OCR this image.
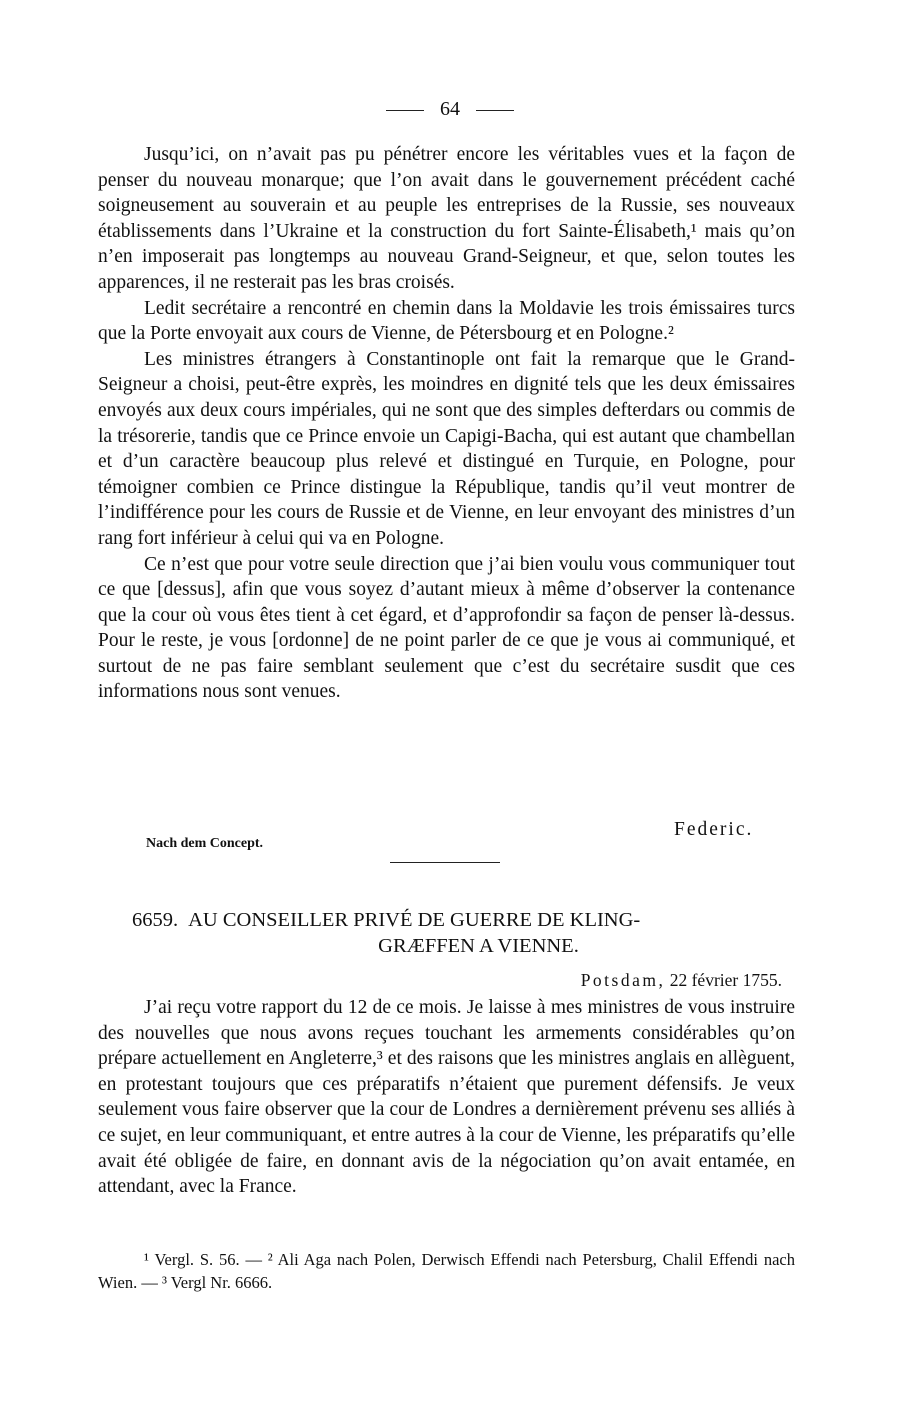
64

Jusqu’ici, on n’avait pas pu pénétrer encore les véritables vues et la façon de penser du nouveau monarque; que l’on avait dans le gouvernement précédent caché soigneusement au souverain et au peuple les entreprises de la Russie, ses nouveaux établissements dans l’Ukraine et la construction du fort Sainte-Élisabeth,¹ mais qu’on n’en imposerait pas longtemps au nouveau Grand-Seigneur, et que, selon toutes les apparences, il ne resterait pas les bras croisés.

Ledit secrétaire a rencontré en chemin dans la Moldavie les trois émissaires turcs que la Porte envoyait aux cours de Vienne, de Pétersbourg et en Pologne.²

Les ministres étrangers à Constantinople ont fait la remarque que le Grand-Seigneur a choisi, peut-être exprès, les moindres en dignité tels que les deux émissaires envoyés aux deux cours impériales, qui ne sont que des simples defterdars ou commis de la trésorerie, tandis que ce Prince envoie un Capigi-Bacha, qui est autant que chambellan et d’un caractère beaucoup plus relevé et distingué en Turquie, en Pologne, pour témoigner combien ce Prince distingue la République, tandis qu’il veut montrer de l’indifférence pour les cours de Russie et de Vienne, en leur envoyant des ministres d’un rang fort inférieur à celui qui va en Pologne.

Ce n’est que pour votre seule direction que j’ai bien voulu vous communiquer tout ce que [dessus], afin que vous soyez d’autant mieux à même d’observer la contenance que la cour où vous êtes tient à cet égard, et d’approfondir sa façon de penser là-dessus. Pour le reste, je vous [ordonne] de ne point parler de ce que je vous ai communiqué, et surtout de ne pas faire semblant seulement que c’est du secrétaire susdit que ces informations nous sont venues.

Federic.
Nach dem Concept.
6659. AU CONSEILLER PRIVÉ DE GUERRE DE KLING-
GRÆFFEN A VIENNE.
Potsdam, 22 février 1755.

J’ai reçu votre rapport du 12 de ce mois. Je laisse à mes ministres de vous instruire des nouvelles que nous avons reçues touchant les armements considérables qu’on prépare actuellement en Angleterre,³ et des raisons que les ministres anglais en allèguent, en protestant toujours que ces préparatifs n’étaient que purement défensifs. Je veux seulement vous faire observer que la cour de Londres a dernièrement prévenu ses alliés à ce sujet, en leur communiquant, et entre autres à la cour de Vienne, les préparatifs qu’elle avait été obligée de faire, en donnant avis de la négociation qu’on avait entamée, en attendant, avec la France.

¹ Vergl. S. 56. — ² Ali Aga nach Polen, Derwisch Effendi nach Petersburg, Chalil Effendi nach Wien. — ³ Vergl Nr. 6666.
